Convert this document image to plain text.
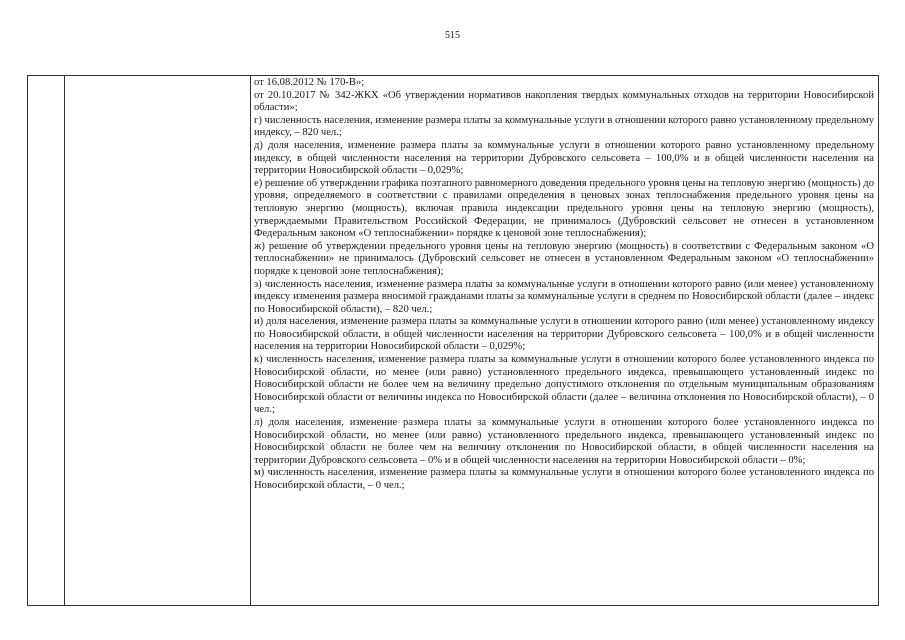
515

от 16.08.2012 № 170-В»;

от 20.10.2017 № 342-ЖКХ «Об утверждении нормативов накопления твердых коммунальных отходов на территории Новосибирской области»;

г) численность населения, изменение размера платы за коммунальные услуги в отношении которого равно установленному предельному индексу, – 820 чел.;

д) доля населения, изменение размера платы за коммунальные услуги в отношении которого равно установленному предельному индексу, в общей численности населения на территории Дубровского сельсовета – 100,0% и в общей численности населения на территории Новосибирской области – 0,029%;

е) решение об утверждении графика поэтапного равномерного доведения предельного уровня цены на тепловую энергию (мощность) до уровня, определяемого в соответствии с правилами определения в ценовых зонах теплоснабжения предельного уровня цены на тепловую энергию (мощность), включая правила индексации предельного уровня цены на тепловую энергию (мощность), утверждаемыми Правительством Российской Федерации, не принималось (Дубровский сельсовет не отнесен в установленном Федеральным законом «О теплоснабжении» порядке к ценовой зоне теплоснабжения);

ж) решение об утверждении предельного уровня цены на тепловую энергию (мощность) в соответствии с Федеральным законом «О теплоснабжении» не принималось (Дубровский сельсовет не отнесен в установленном Федеральным законом «О теплоснабжении» порядке к ценовой зоне теплоснабжения);

з) численность населения, изменение размера платы за коммунальные услуги в отношении которого равно (или менее) установленному индексу изменения размера вносимой гражданами платы за коммунальные услуги в среднем по Новосибирской области (далее – индекс по Новосибирской области), – 820 чел.;

и) доля населения, изменение размера платы за коммунальные услуги в отношении которого равно (или менее) установленному индексу по Новосибирской области, в общей численности населения на территории Дубровского сельсовета – 100,0% и в общей численности населения на территории Новосибирской области – 0,029%;

к) численность населения, изменение размера платы за коммунальные услуги в отношении которого более установленного индекса по Новосибирской области, но менее (или равно) установленного предельного индекса, превышающего установленный индекс по Новосибирской области не более чем на величину предельно допустимого отклонения по отдельным муниципальным образованиям Новосибирской области от величины индекса по Новосибирской области (далее – величина отклонения по Новосибирской области), – 0 чел.;

л) доля населения, изменение размера платы за коммунальные услуги в отношении которого более установленного индекса по Новосибирской области, но менее (или равно) установленного предельного индекса, превышающего установленный индекс по Новосибирской области не более чем на величину отклонения по Новосибирской области, в общей численности населения на территории Дубровского сельсовета – 0% и в общей численности населения на территории Новосибирской области – 0%;

м) численность населения, изменение размера платы за коммунальные услуги в отношении которого более установленного индекса по Новосибирской области, – 0 чел.;
